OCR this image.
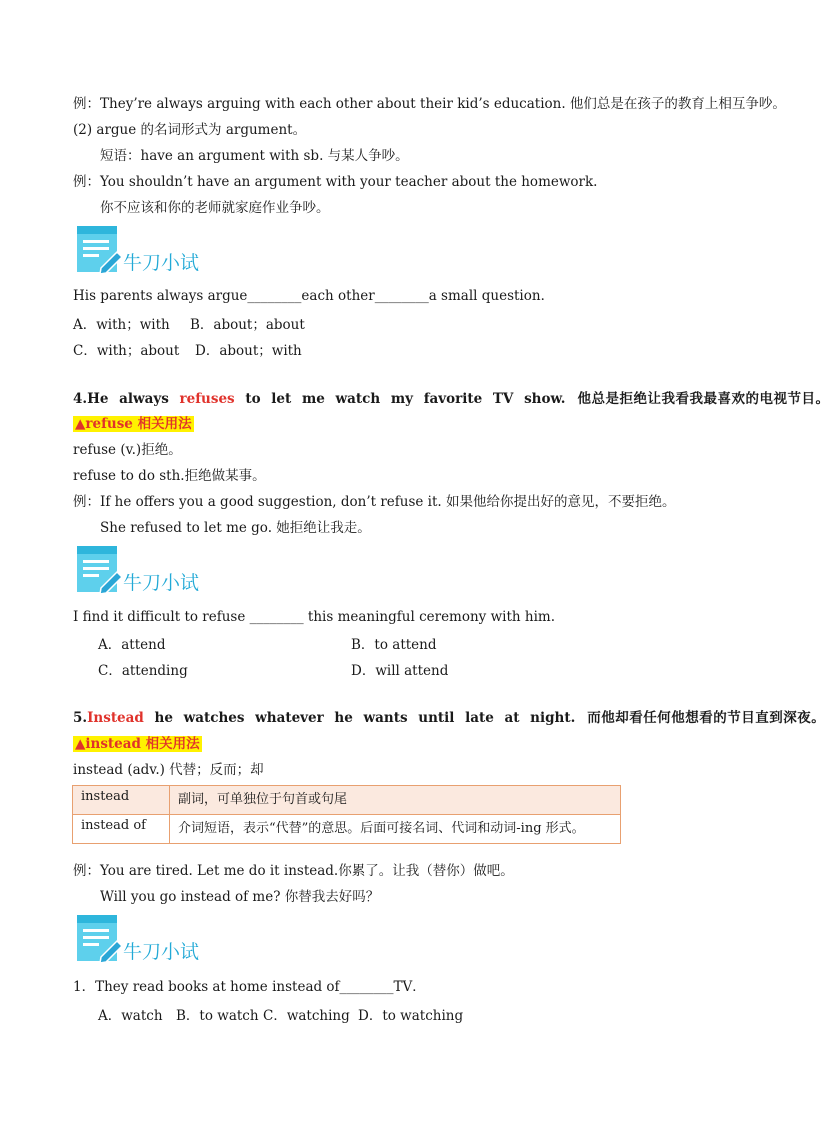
例：They’re always arguing with each other about their kid’s education. 他们总是在孩子的教育上相互争吵。
(2) argue 的名词形式为 argument。
短语：have an argument with sb. 与某人争吵。
例：You shouldn’t have an argument with your teacher about the homework.
你不应该和你的老师就家庭作业争吵。
牛刀小试
His parents always argue________each other________a small question．
A．with；with B．about；about
C．with；about D．about；with
4.He always refuses to let me watch my favorite TV show. 他总是拒绝让我看我最喜欢的电视节目。
▲refuse 相关用法
refuse (v.)拒绝。
refuse to do sth.拒绝做某事。
例：If he offers you a good suggestion, don’t refuse it. 如果他给你提出好的意见，不要拒绝。
She refused to let me go. 她拒绝让我走。
牛刀小试
I find it difficult to refuse ________ this meaningful ceremony with him.
A．attend	B．to attend
C．attending	D．will attend
5.Instead he watches whatever he wants until late at night. 而他却看任何他想看的节目直到深夜。
▲instead 相关用法
instead (adv.) 代替；反而；却
instead	副词，可单独位于句首或句尾
instead of	介词短语，表示“代替”的意思。后面可接名词、代词和动词-ing 形式。
例：You are tired. Let me do it instead.你累了。让我（替你）做吧。
Will you go instead of me? 你替我去好吗？
牛刀小试
1．They read books at home instead of________TV．
A．watch B．to watch C．watching D．to watching
